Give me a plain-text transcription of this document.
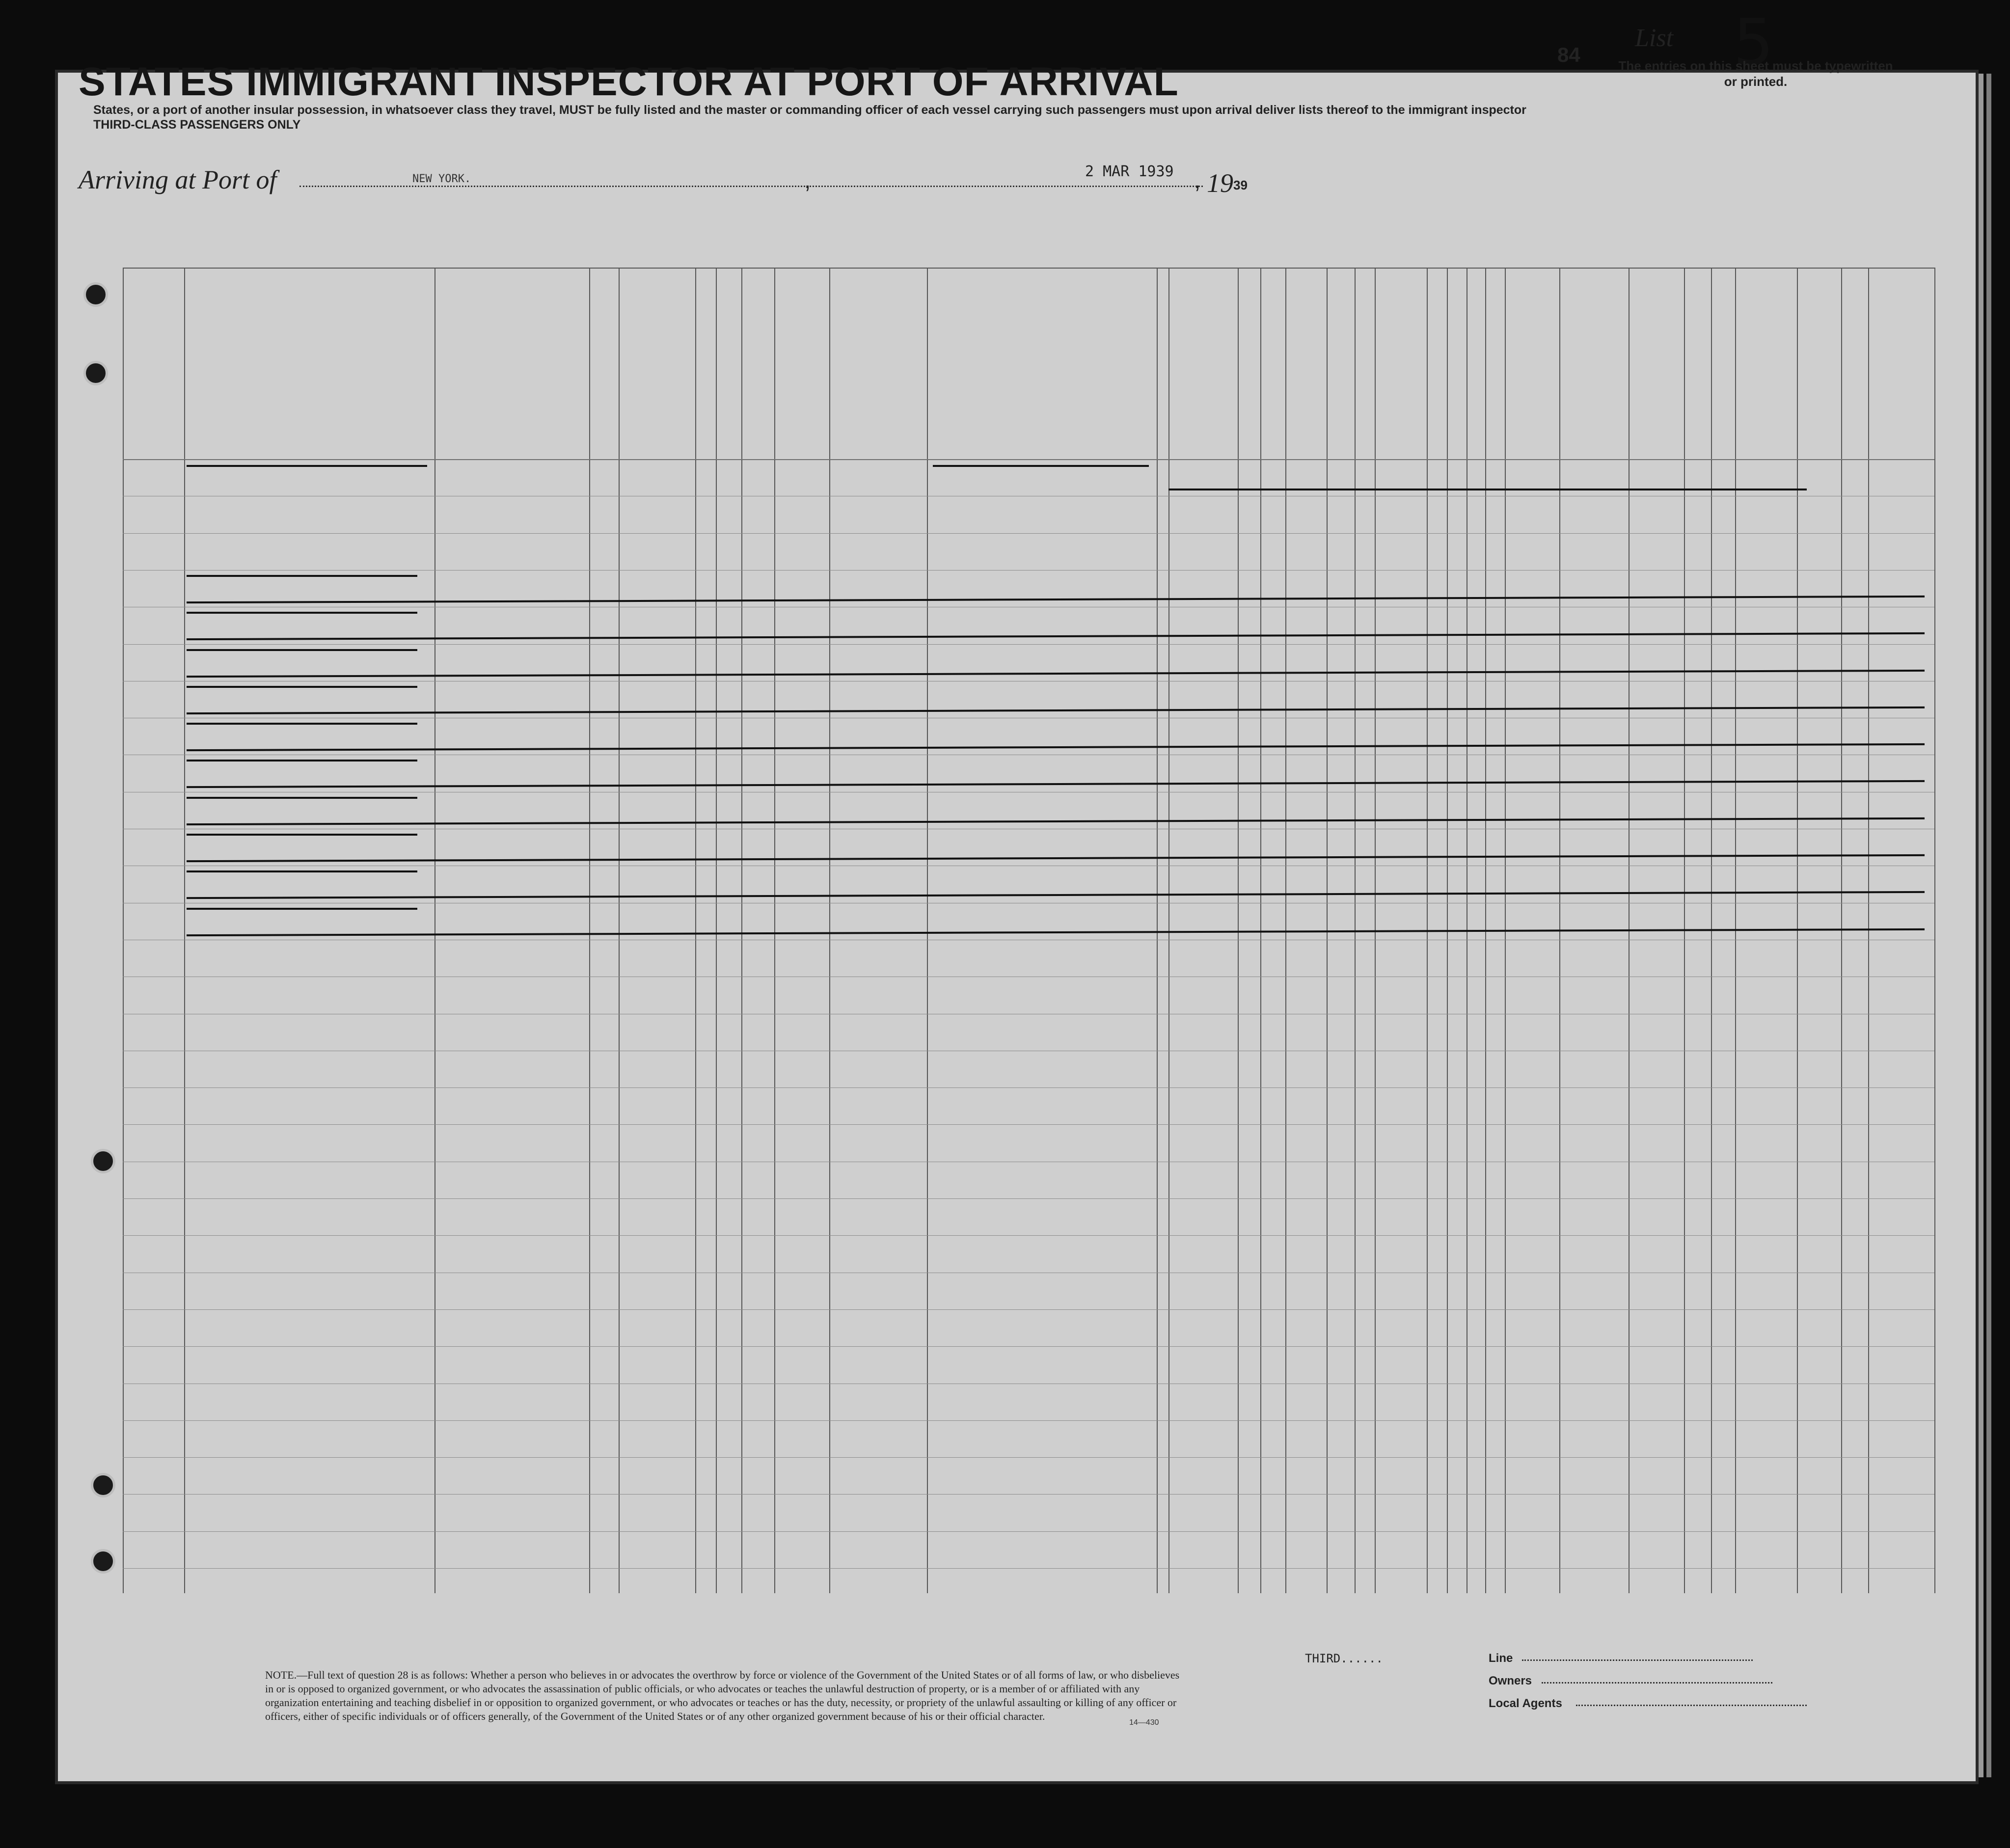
List 5
84	The entries on this sheet must be typewritten or printed.
STATES IMMIGRANT INSPECTOR AT PORT OF ARRIVAL
States, or a port of another insular possession, in whatsoever class they travel, MUST be fully listed and the master or commanding officer of each vessel carrying such passengers must upon arrival deliver lists thereof to the immigrant inspector
THIRD-CLASS PASSENGERS ONLY
Arriving at Port of	NEW YORK.	,	2 MAR 1939 , 19 39
NOTE.—Full text of question 28 is as follows: Whether a person who believes in or advocates the overthrow by force or violence of the Government of the United States or of all forms of law, or who disbelieves in or is opposed to organized government, or who advocates the assassination of public officials, or who advocates or teaches the unlawful destruction of property, or is a member of or affiliated with any organization entertaining and teaching disbelief in or opposition to organized government, or who advocates or teaches or has the duty, necessity, or propriety of the unlawful assaulting or killing of any officer or officers, either of specific individuals or of officers generally, of the Government of the United States or of any other organized government because of his or their official character.
14—430
THIRD......	Line
Owners
Local Agents
